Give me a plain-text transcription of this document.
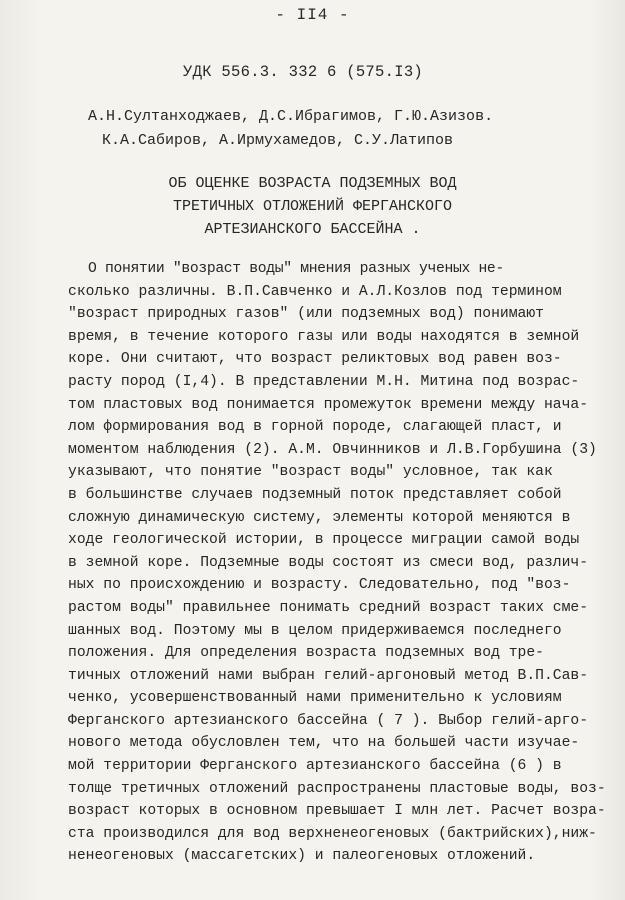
- II4 -
УДК 556.3. 332 6 (575.I3)
А.Н.Султанходжаев, Д.С.Ибрагимов, Г.Ю.Азизов.
К.А.Сабиров, А.Ирмухамедов, С.У.Латипов
ОБ ОЦЕНКЕ ВОЗРАСТА ПОДЗЕМНЫХ ВОД
ТРЕТИЧНЫХ ОТЛОЖЕНИЙ ФЕРГАНСКОГО
АРТЕЗИАНСКОГО БАССЕЙНА .
О понятии "возраст воды" мнения разных ученых не-
сколько различны. В.П.Савченко и А.Л.Козлов под термином
"возраст природных газов" (или подземных вод) понимают
время, в течение которого газы или воды находятся в земной
коре. Они считают, что возраст реликтовых вод равен воз-
расту пород (I,4). В представлении М.Н. Митина под возрас-
том пластовых вод понимается промежуток времени между нача-
лом формирования вод в горной породе, слагающей пласт, и
моментом наблюдения (2). А.М. Овчинников и Л.В.Горбушина (3)
указывают, что понятие "возраст воды" условное, так как
в большинстве случаев подземный поток представляет собой
сложную динамическую систему, элементы которой меняются в
ходе геологической истории, в процессе миграции самой воды
в земной коре. Подземные воды состоят из смеси вод, различ-
ных по происхождению и возрасту. Следовательно, под "воз-
растом воды" правильнее понимать средний возраст таких сме-
шанных вод. Поэтому мы в целом придерживаемся последнего
положения. Для определения возраста подземных вод тре-
тичных отложений нами выбран гелий-аргоновый метод В.П.Сав-
ченко, усовершенствованный нами применительно к условиям
Ферганского артезианского бассейна ( 7 ). Выбор гелий-арго-
нового метода обусловлен тем, что на большей части изучае-
мой территории Ферганского артезианского бассейна (6 ) в
толще третичных отложений распространены пластовые воды, воз-
возраст которых в основном превышает I млн лет. Расчет возра-
ста производился для вод верхненеогеновых (бактрийских),ниж-
ненеогеновых (массагетских) и палеогеновых отложений.
